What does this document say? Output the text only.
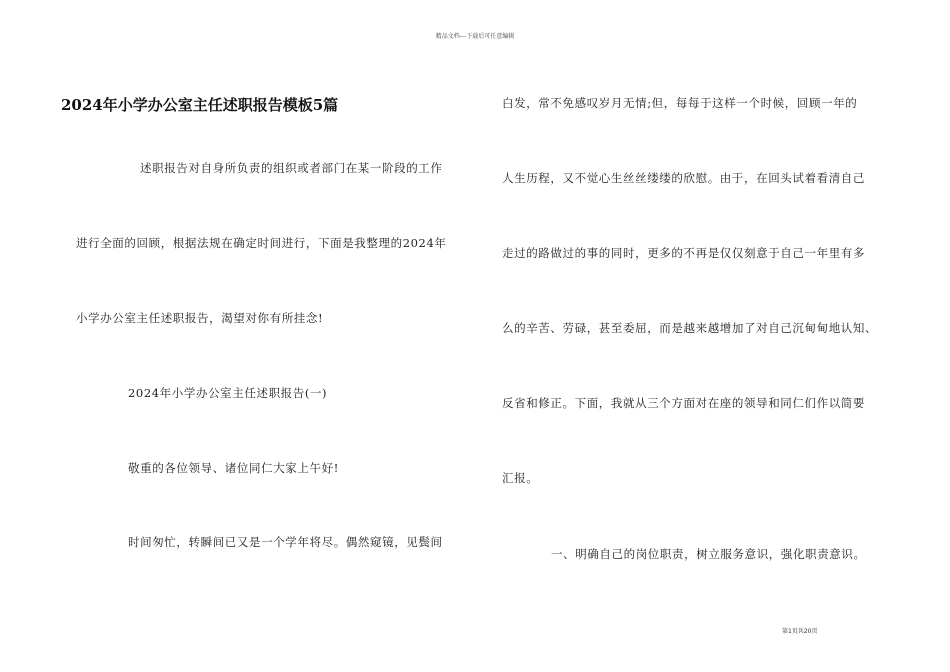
精品文档---下载后可任意编辑
2024年小学办公室主任述职报告模板5篇
述职报告对自身所负责的组织或者部门在某一阶段的工作
进行全面的回顾，根据法规在确定时间进行，下面是我整理的2024年
小学办公室主任述职报告，渴望对你有所挂念!
2024年小学办公室主任述职报告(一)
敬重的各位领导、诸位同仁大家上午好!
时间匆忙，转瞬间已又是一个学年将尽。偶然窥镜，见鬓间
白发，常不免感叹岁月无情;但，每每于这样一个时候，回顾一年的
人生历程，又不觉心生丝丝缕缕的欣慰。由于，在回头试着看清自己
走过的路做过的事的同时，更多的不再是仅仅刻意于自己一年里有多
么的辛苦、劳碌，甚至委屈，而是越来越增加了对自己沉甸甸地认知、
反省和修正。下面，我就从三个方面对在座的领导和同仁们作以简要
汇报。
一、明确自己的岗位职责，树立服务意识，强化职责意识。
第1页共20页
